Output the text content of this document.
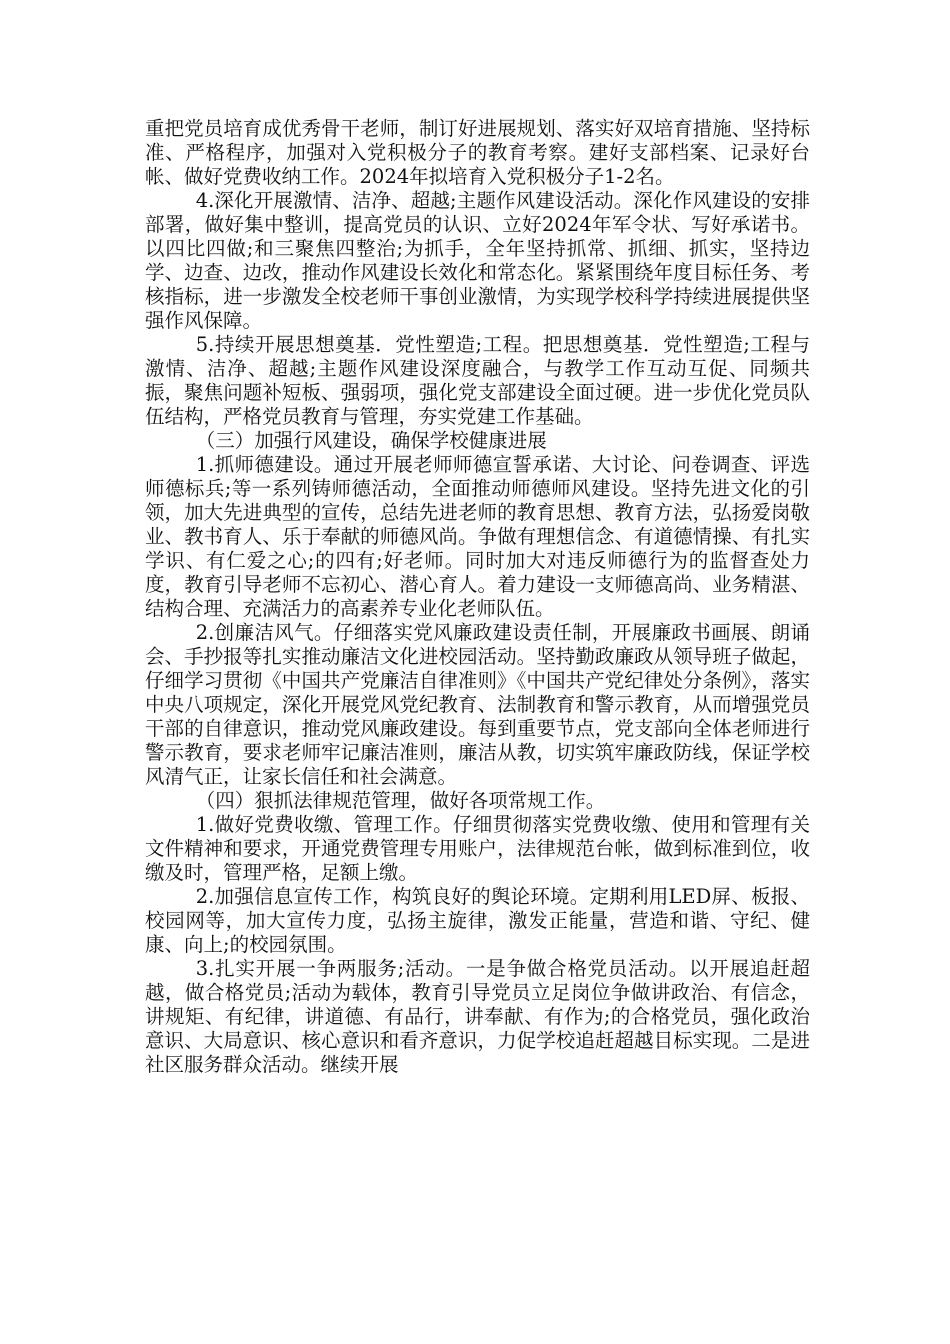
重把党员培育成优秀骨干老师，制订好进展规划、落实好双培育措施、坚持标准、严格程序，加强对入党积极分子的教育考察。建好支部档案、记录好台帐、做好党费收纳工作。2024年拟培育入党积极分子1-2名。

4.深化开展激情、洁净、超越;主题作风建设活动。深化作风建设的安排部署，做好集中整训，提高党员的认识、立好2024年军令状、写好承诺书。以四比四做;和三聚焦四整治;为抓手，全年坚持抓常、抓细、抓实，坚持边学、边查、边改，推动作风建设长效化和常态化。紧紧围绕年度目标任务、考核指标，进一步激发全校老师干事创业激情，为实现学校科学持续进展提供坚强作风保障。

5.持续开展思想奠基．党性塑造;工程。把思想奠基．党性塑造;工程与激情、洁净、超越;主题作风建设深度融合，与教学工作互动互促、同频共振，聚焦问题补短板、强弱项，强化党支部建设全面过硬。进一步优化党员队伍结构，严格党员教育与管理，夯实党建工作基础。

（三）加强行风建设，确保学校健康进展

1.抓师德建设。通过开展老师师德宣誓承诺、大讨论、问卷调查、评选师德标兵;等一系列铸师德活动，全面推动师德师风建设。坚持先进文化的引领，加大先进典型的宣传，总结先进老师的教育思想、教育方法，弘扬爱岗敬业、教书育人、乐于奉献的师德风尚。争做有理想信念、有道德情操、有扎实学识、有仁爱之心;的四有;好老师。同时加大对违反师德行为的监督查处力度，教育引导老师不忘初心、潜心育人。着力建设一支师德高尚、业务精湛、结构合理、充满活力的高素养专业化老师队伍。

2.创廉洁风气。仔细落实党风廉政建设责任制，开展廉政书画展、朗诵会、手抄报等扎实推动廉洁文化进校园活动。坚持勤政廉政从领导班子做起，仔细学习贯彻《中国共产党廉洁自律准则》《中国共产党纪律处分条例》，落实中央八项规定，深化开展党风党纪教育、法制教育和警示教育，从而增强党员干部的自律意识，推动党风廉政建设。每到重要节点，党支部向全体老师进行警示教育，要求老师牢记廉洁准则，廉洁从教，切实筑牢廉政防线，保证学校风清气正，让家长信任和社会满意。

（四）狠抓法律规范管理，做好各项常规工作。

1.做好党费收缴、管理工作。仔细贯彻落实党费收缴、使用和管理有关文件精神和要求，开通党费管理专用账户，法律规范台帐，做到标准到位，收缴及时，管理严格，足额上缴。

2.加强信息宣传工作，构筑良好的舆论环境。定期利用LED屏、板报、校园网等，加大宣传力度，弘扬主旋律，激发正能量，营造和谐、守纪、健康、向上;的校园氛围。

3.扎实开展一争两服务;活动。一是争做合格党员活动。以开展追赶超越，做合格党员;活动为载体，教育引导党员立足岗位争做讲政治、有信念，讲规矩、有纪律，讲道德、有品行，讲奉献、有作为;的合格党员，强化政治意识、大局意识、核心意识和看齐意识，力促学校追赶超越目标实现。二是进社区服务群众活动。继续开展
